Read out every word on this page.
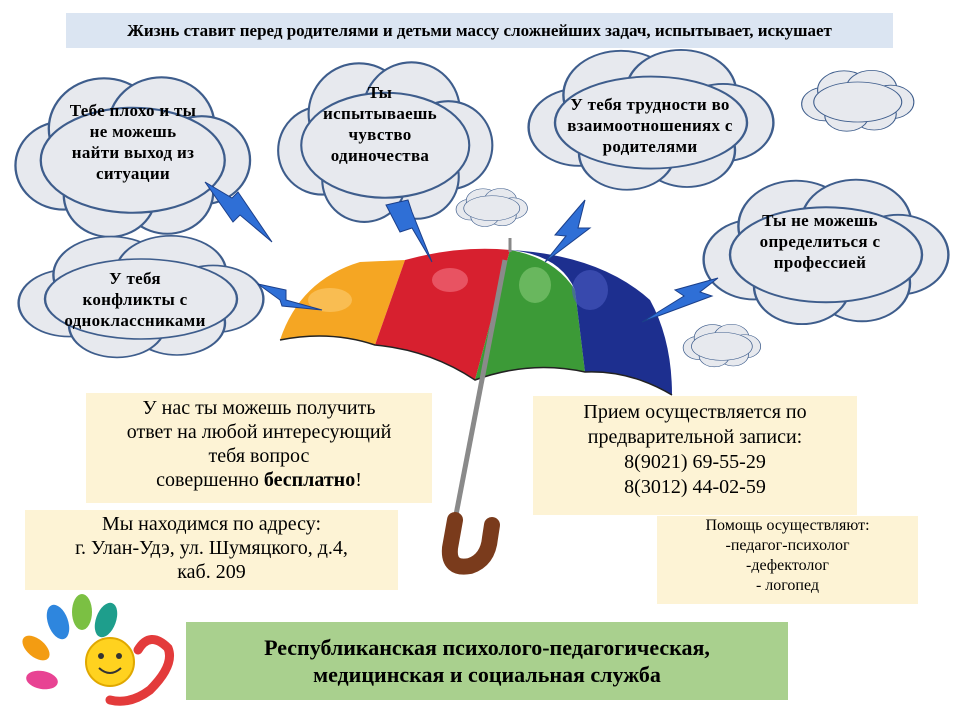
Жизнь ставит перед родителями и детьми массу сложнейших задач, испытывает, искушает
Тебе плохо и ты
не можешь
найти выход из
ситуации
Ты
испытываешь
чувство
одиночества
У тебя трудности во
взаимоотношениях с
родителями
У тебя
конфликты с
одноклассниками
Ты не можешь
определиться с
профессией
У нас ты можешь получить
ответ на любой интересующий
тебя вопрос
совершенно бесплатно!
Прием осуществляется по
предварительной записи:
8(9021) 69-55-29
8(3012) 44-02-59
Мы находимся по адресу:
г. Улан-Удэ, ул. Шумяцкого, д.4,
каб. 209
Помощь осуществляют:
-педагог-психолог
-дефектолог
- логопед
Республиканская психолого-педагогическая,
медицинская и социальная служба
